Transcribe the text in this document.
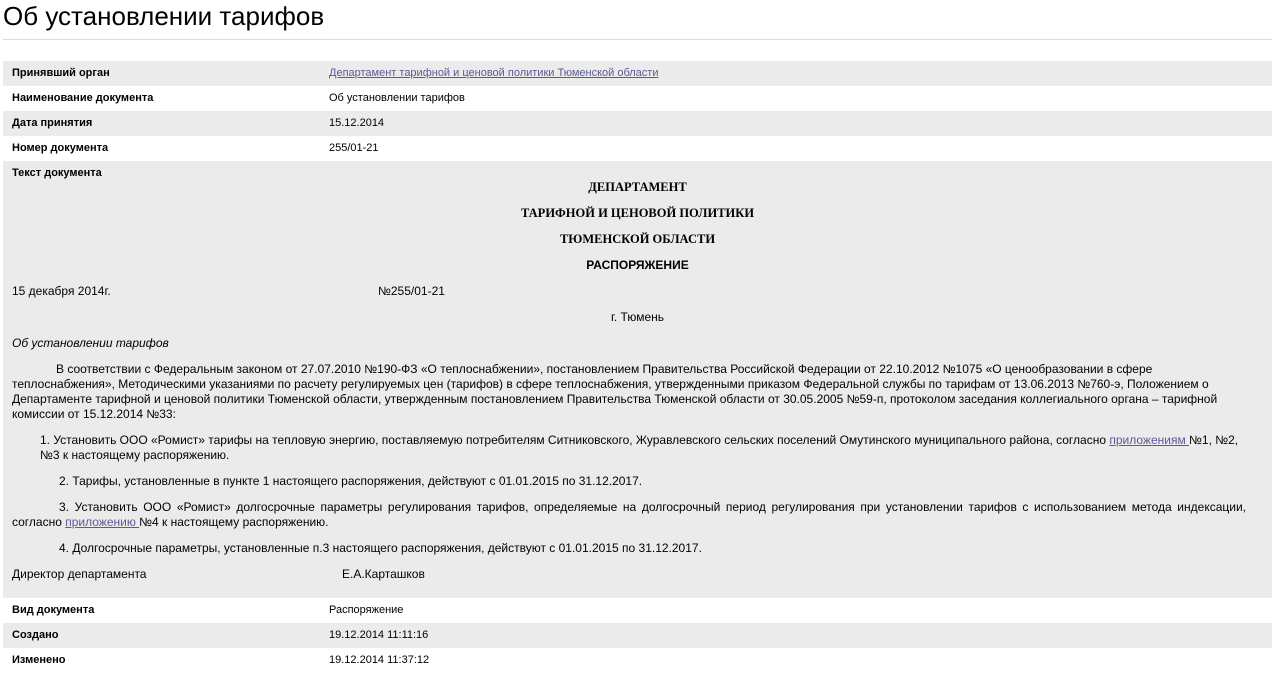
Об установлении тарифов
Принявший орган	Департамент тарифной и ценовой политики Тюменской области
Наименование документа	Об установлении тарифов
Дата принятия	15.12.2014
Номер документа	255/01-21
Текст документа
ДЕПАРТАМЕНТ
ТАРИФНОЙ И ЦЕНОВОЙ ПОЛИТИКИ
ТЮМЕНСКОЙ ОБЛАСТИ
РАСПОРЯЖЕНИЕ
15 декабря 2014г.	№255/01-21
г. Тюмень
Об установлении тарифов
В соответствии с Федеральным законом от 27.07.2010 №190-ФЗ «О теплоснабжении», постановлением Правительства Российской Федерации от 22.10.2012 №1075 «О ценообразовании в сфере теплоснабжения», Методическими указаниями по расчету регулируемых цен (тарифов) в сфере теплоснабжения, утвержденными приказом Федеральной службы по тарифам от 13.06.2013 №760-э, Положением о Департаменте тарифной и ценовой политики Тюменской области, утвержденным постановлением Правительства Тюменской области от 30.05.2005 №59-п, протоколом заседания коллегиального органа – тарифной комиссии от 15.12.2014 №33:
1. Установить ООО «Ромист» тарифы на тепловую энергию, поставляемую потребителям Ситниковского, Журавлевского сельских поселений Омутинского муниципального района, согласно приложениям №1, №2, №3 к настоящему распоряжению.
2. Тарифы, установленные в пункте 1 настоящего распоряжения, действуют с 01.01.2015 по 31.12.2017.
3. Установить ООО «Ромист» долгосрочные параметры регулирования тарифов, определяемые на долгосрочный период регулирования при установлении тарифов с использованием метода индексации, согласно приложению №4 к настоящему распоряжению.
4. Долгосрочные параметры, установленные п.3 настоящего распоряжения, действуют с 01.01.2015 по 31.12.2017.
Директор департамента	Е.А.Карташков
Вид документа	Распоряжение
Создано	19.12.2014 11:11:16
Изменено	19.12.2014 11:37:12
